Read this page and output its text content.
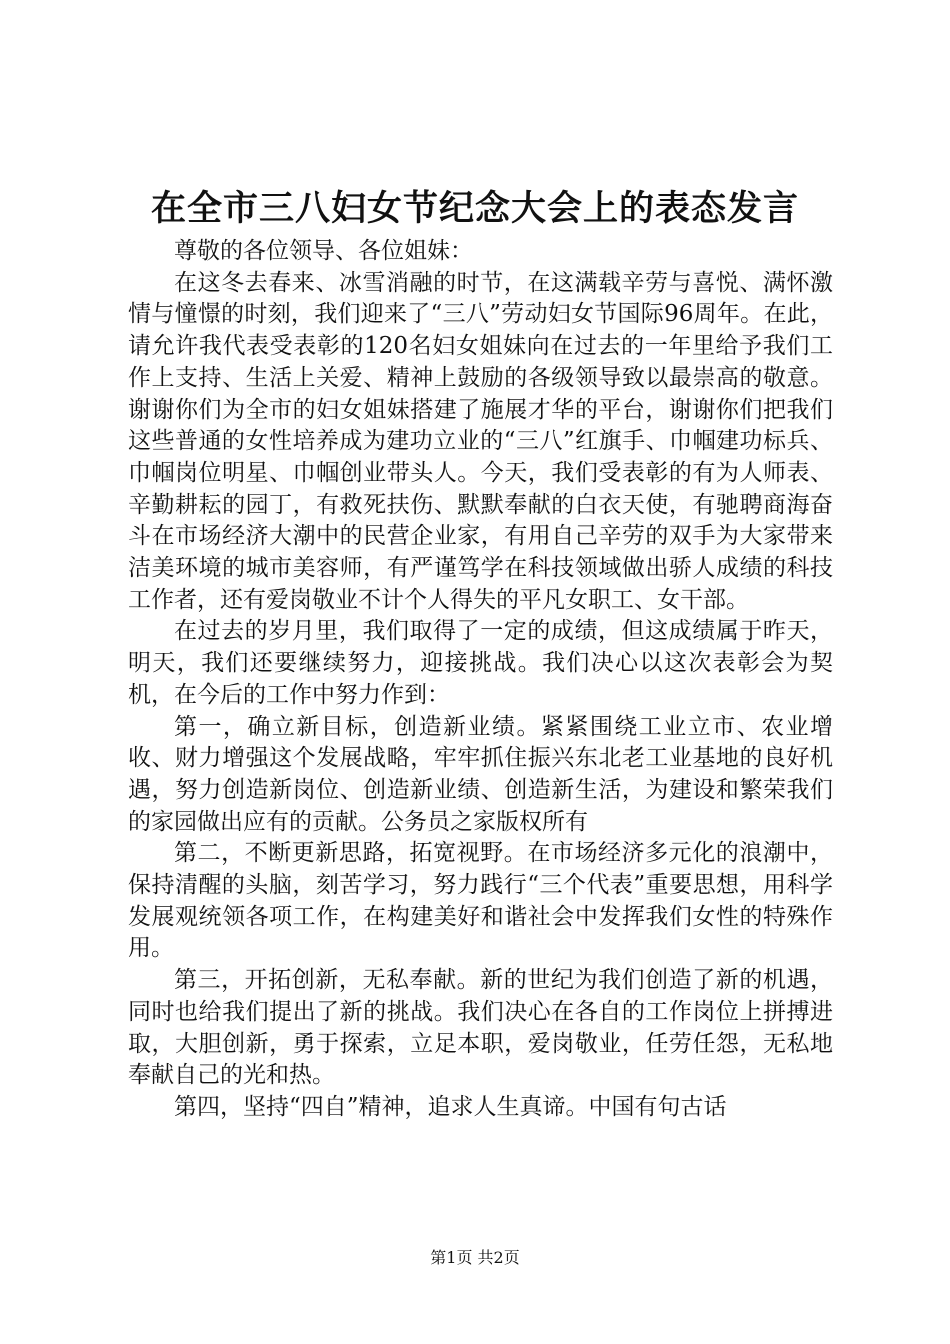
在全市三八妇女节纪念大会上的表态发言

尊敬的各位领导、各位姐妹：

在这冬去春来、冰雪消融的时节，在这满载辛劳与喜悦、满怀激情与憧憬的时刻，我们迎来了“三八”劳动妇女节国际96周年。在此，请允许我代表受表彰的120名妇女姐妹向在过去的一年里给予我们工作上支持、生活上关爱、精神上鼓励的各级领导致以最崇高的敬意。谢谢你们为全市的妇女姐妹搭建了施展才华的平台，谢谢你们把我们这些普通的女性培养成为建功立业的“三八”红旗手、巾帼建功标兵、巾帼岗位明星、巾帼创业带头人。今天，我们受表彰的有为人师表、辛勤耕耘的园丁，有救死扶伤、默默奉献的白衣天使，有驰聘商海奋斗在市场经济大潮中的民营企业家，有用自己辛劳的双手为大家带来洁美环境的城市美容师，有严谨笃学在科技领域做出骄人成绩的科技工作者，还有爱岗敬业不计个人得失的平凡女职工、女干部。

在过去的岁月里，我们取得了一定的成绩，但这成绩属于昨天，明天，我们还要继续努力，迎接挑战。我们决心以这次表彰会为契机，在今后的工作中努力作到：

第一，确立新目标，创造新业绩。紧紧围绕工业立市、农业增收、财力增强这个发展战略，牢牢抓住振兴东北老工业基地的良好机遇，努力创造新岗位、创造新业绩、创造新生活，为建设和繁荣我们的家园做出应有的贡献。公务员之家版权所有

第二，不断更新思路，拓宽视野。在市场经济多元化的浪潮中，保持清醒的头脑，刻苦学习，努力践行“三个代表”重要思想，用科学发展观统领各项工作，在构建美好和谐社会中发挥我们女性的特殊作用。

第三，开拓创新，无私奉献。新的世纪为我们创造了新的机遇，同时也给我们提出了新的挑战。我们决心在各自的工作岗位上拼搏进取，大胆创新，勇于探索，立足本职，爱岗敬业，任劳任怨，无私地奉献自己的光和热。

第四，坚持“四自”精神，追求人生真谛。中国有句古话

第1页 共2页
